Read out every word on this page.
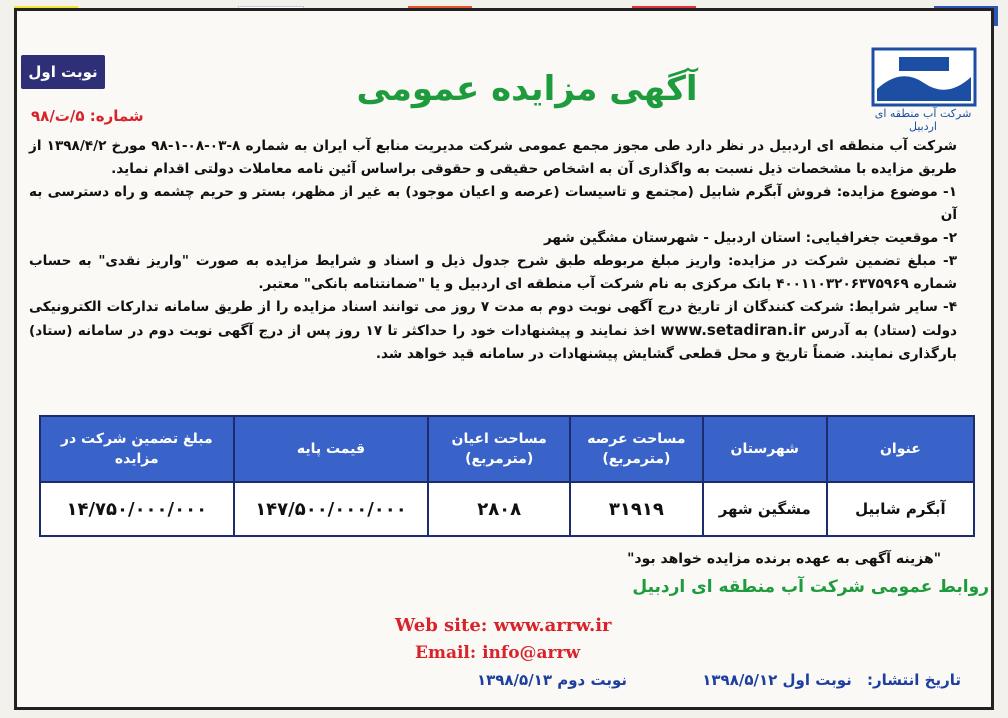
شرکت آب منطقه ای اردبیل
نوبت اول	آگهی مزایده عمومی
شماره: ۵/ت/۹۸

شرکت آب منطقه ای اردبیل در نظر دارد طی مجوز مجمع عمومی شرکت مدیریت منابع آب ایران به شماره ۸-۰۳-۰۸-۱-۹۸ مورخ ۱۳۹۸/۴/۲ از طریق مزایده با مشخصات ذیل نسبت به واگذاری آن به اشخاص حقیقی و حقوقی براساس آئین نامه معاملات دولتی اقدام نماید.

۱- موضوع مزایده: فروش آبگرم شابیل (مجتمع و تاسیسات (عرصه و اعیان موجود) به غیر از مظهر، بستر و حریم چشمه و راه دسترسی به آن

۲- موقعیت جغرافیایی: استان اردبیل - شهرستان مشگین شهر

۳- مبلغ تضمین شرکت در مزایده: واریز مبلغ مربوطه طبق شرح جدول ذیل و اسناد و شرایط مزایده به صورت "واریز نقدی" به حساب شماره ۴۰۰۱۱۰۳۲۰۶۳۷۵۹۶۹ بانک مرکزی به نام شرکت آب منطقه ای اردبیل و یا "ضمانتنامه بانکی" معتبر.

۴- سایر شرایط: شرکت کنندگان از تاریخ درج آگهی نوبت دوم به مدت ۷ روز می توانند اسناد مزایده را از طریق سامانه تدارکات الکترونیکی دولت (ستاد) به آدرس www.setadiran.ir اخذ نمایند و پیشنهادات خود را حداکثر تا ۱۷ روز پس از درج آگهی نوبت دوم در سامانه (ستاد) بارگذاری نمایند. ضمناً تاریخ و محل قطعی گشایش پیشنهادات در سامانه قید خواهد شد.

عنوان	شهرستان	مساحت عرصه (مترمربع)	مساحت اعیان (مترمربع)	قیمت پایه	مبلغ تضمین شرکت در مزایده
آبگرم شابیل	مشگین شهر	۳۱۹۱۹	۲۸۰۸	۱۴۷/۵۰۰/۰۰۰/۰۰۰	۱۴/۷۵۰/۰۰۰/۰۰۰
"هزینه آگهی به عهده برنده مزایده خواهد بود"
روابط عمومی شرکت آب منطقه ای اردبیل
Web site: www.arrw.ir
Email: info@arrw
تاریخ انتشار: نوبت اول ۱۳۹۸/۵/۱۲ نوبت دوم ۱۳۹۸/۵/۱۳
